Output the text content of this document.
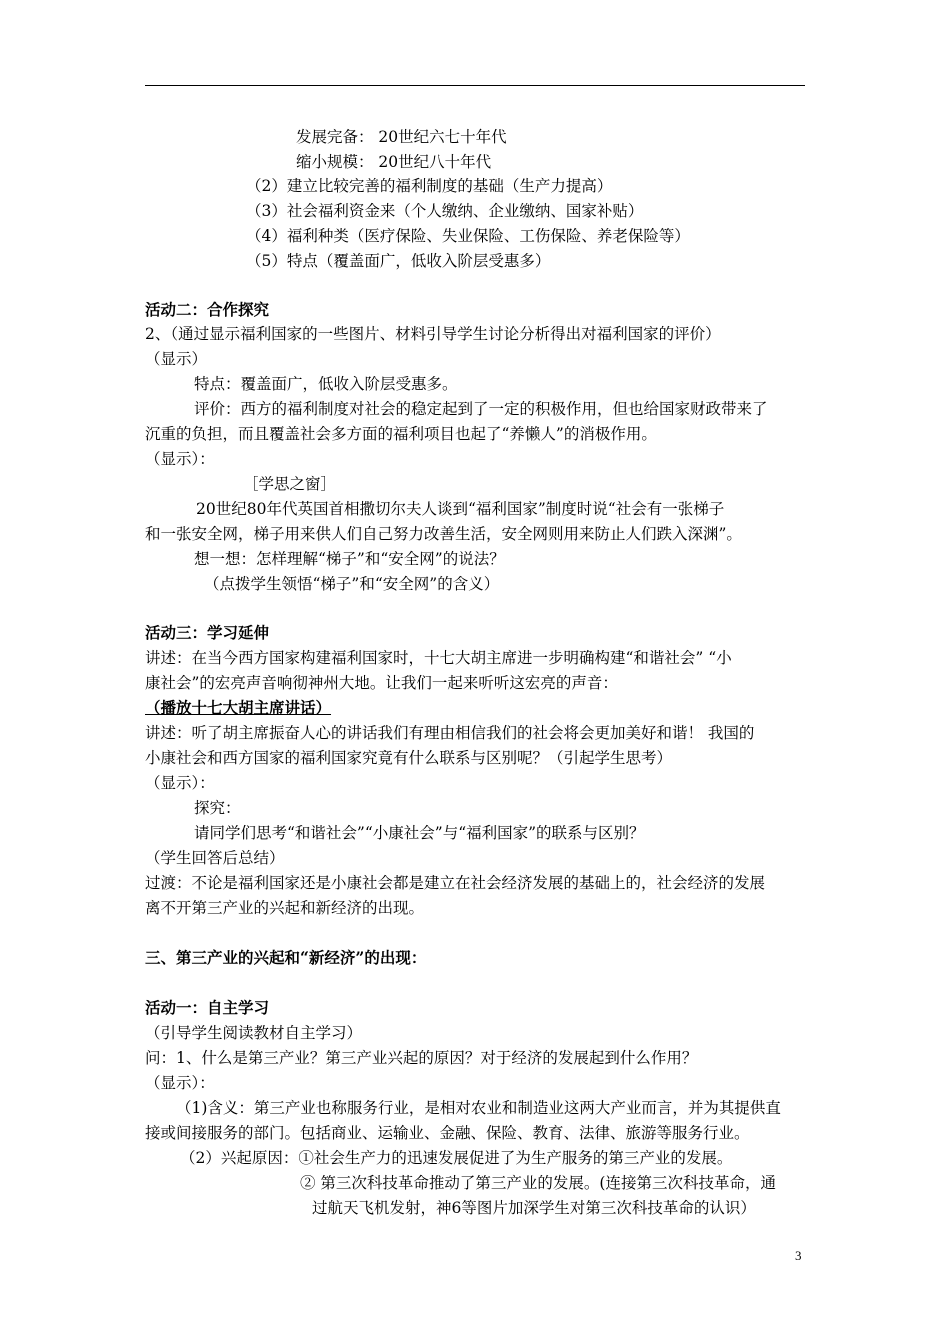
发展完备： 20世纪六七十年代
缩小规模： 20世纪八十年代
（2）建立比较完善的福利制度的基础（生产力提高）
（3）社会福利资金来（个人缴纳、企业缴纳、国家补贴）
（4）福利种类（医疗保险、失业保险、工伤保险、养老保险等）
（5）特点（覆盖面广，低收入阶层受惠多）
活动二：合作探究
2、（通过显示福利国家的一些图片、材料引导学生讨论分析得出对福利国家的评价）
（显示）
特点：覆盖面广，低收入阶层受惠多。
评价：西方的福利制度对社会的稳定起到了一定的积极作用，但也给国家财政带来了
沉重的负担，而且覆盖社会多方面的福利项目也起了“养懒人”的消极作用。
（显示）：
［学思之窗］
20世纪80年代英国首相撒切尔夫人谈到“福利国家”制度时说“社会有一张梯子
和一张安全网，梯子用来供人们自己努力改善生活，安全网则用来防止人们跌入深渊”。
想一想：怎样理解“梯子”和“安全网”的说法？
（点拨学生领悟“梯子”和“安全网”的含义）
活动三：学习延伸
讲述：在当今西方国家构建福利国家时，十七大胡主席进一步明确构建“和谐社会” “小
康社会”的宏亮声音响彻神州大地。让我们一起来听听这宏亮的声音：
（播放十七大胡主席讲话）
讲述：听了胡主席振奋人心的讲话我们有理由相信我们的社会将会更加美好和谐！ 我国的
小康社会和西方国家的福利国家究竟有什么联系与区别呢？（引起学生思考）
（显示）：
探究：
请同学们思考“和谐社会”“小康社会”与“福利国家”的联系与区别？
（学生回答后总结）
过渡：不论是福利国家还是小康社会都是建立在社会经济发展的基础上的，社会经济的发展
离不开第三产业的兴起和新经济的出现。
三、第三产业的兴起和“新经济”的出现：
活动一：自主学习
（引导学生阅读教材自主学习）
问：1、什么是第三产业？第三产业兴起的原因？对于经济的发展起到什么作用？
（显示）：
（1)含义：第三产业也称服务行业，是相对农业和制造业这两大产业而言，并为其提供直
接或间接服务的部门。包括商业、运输业、金融、保险、教育、法律、旅游等服务行业。
（2）兴起原因：①社会生产力的迅速发展促进了为生产服务的第三产业的发展。
② 第三次科技革命推动了第三产业的发展。(连接第三次科技革命，通
过航天飞机发射，神6等图片加深学生对第三次科技革命的认识）
3
